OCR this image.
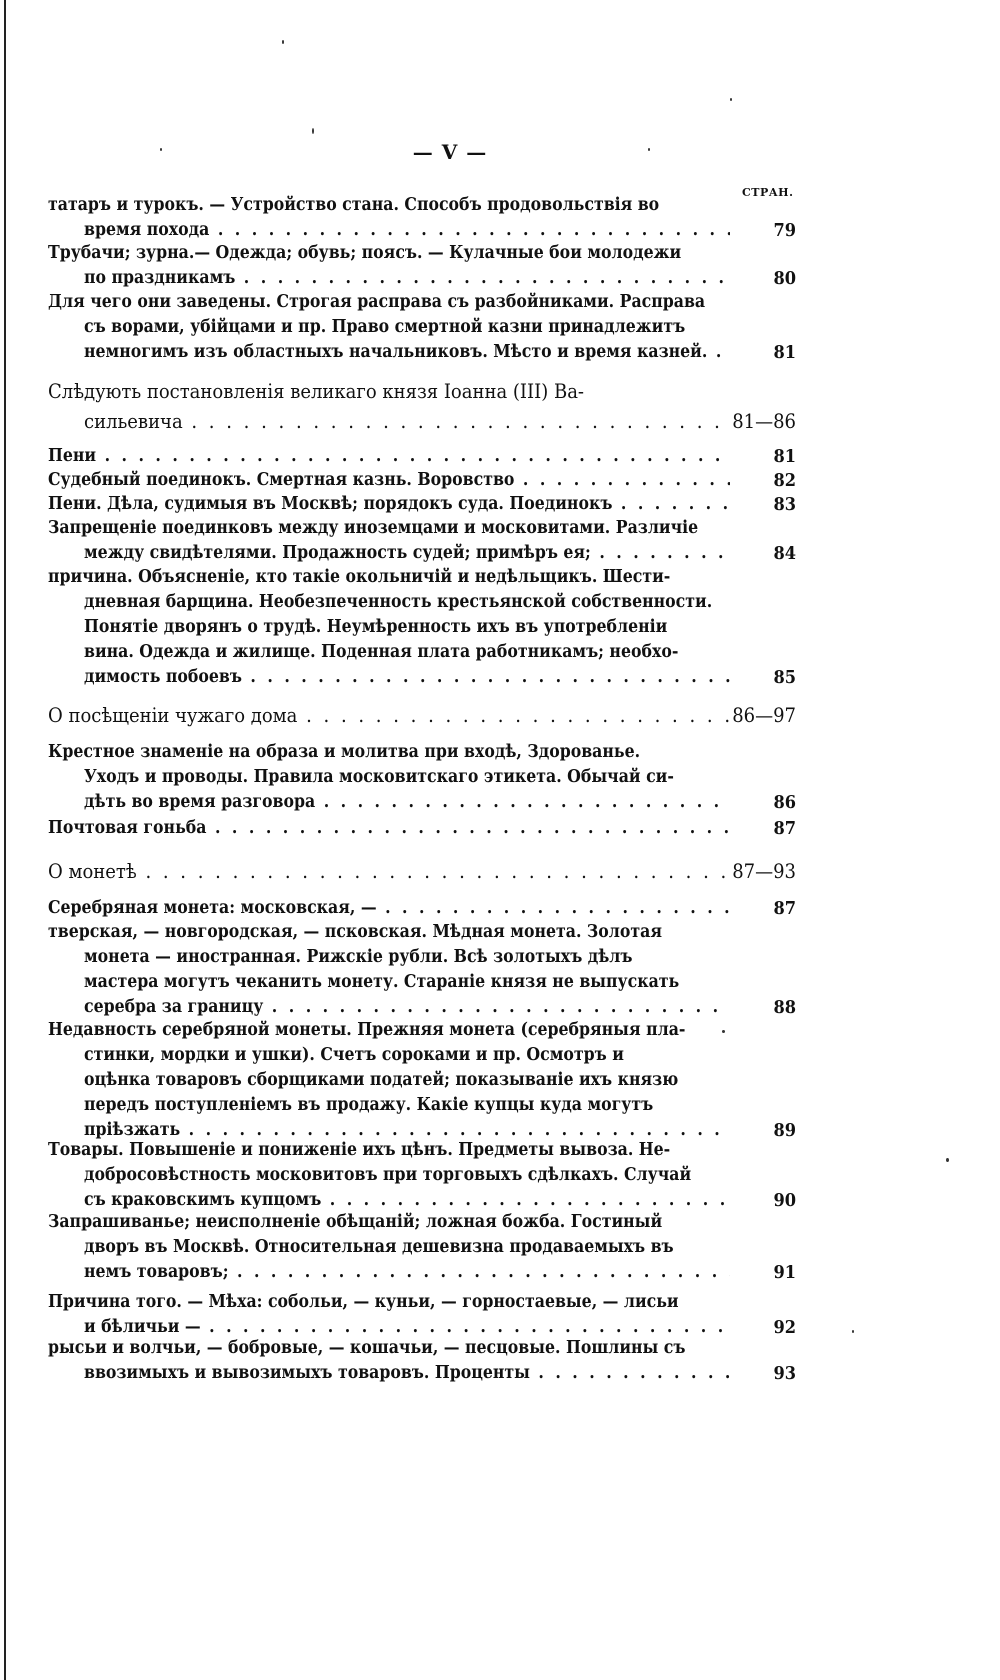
— V —
СТРАН.
татаръ и турокъ. — Устройство стана. Способъ продовольствія во
время похода . .	79
Трубачи; зурна.— Одежда; обувь; поясъ. — Кулачные бои молодежи
по праздникамъ . .	80
Для чего они заведены. Строгая расправа съ разбойниками. Расправа
съ ворами, убійцами и пр. Право смертной казни принадлежитъ
немногимъ изъ областныхъ начальниковъ. Мѣсто и время казней. . .	81
Слѣдують постановленія великаго князя Іоанна (III) Ва-
сильевича . .	81—86
Пени . .	81
Судебный поединокъ. Смертная казнь. Воровство . .	82
Пени. Дѣла, судимыя въ Москвѣ; порядокъ суда. Поединокъ . .	83
Запрещеніе поединковъ между иноземцами и московитами. Различіе
между свидѣтелями. Продажность судей; примѣръ ея; . .	84
причина. Объясненіе, кто такіе окольничій и недѣльщикъ. Шести-
дневная барщина. Необезпеченность крестьянской собственности.
Понятіе дворянъ о трудѣ. Неумѣренность ихъ въ употребленіи
вина. Одежда и жилище. Поденная плата работникамъ; необхо-
димость побоевъ . .	85
О посѣщеніи чужаго дома . .	86—97
Крестное знаменіе на образа и молитва при входѣ, Здорованье.
Уходъ и проводы. Правила московитскаго этикета. Обычай си-
дѣть во время разговора . .	86
Почтовая гоньба . .	87
О монетѣ . .	87—93
Серебряная монета: московская, — . .	87
тверская, — новгородская, — псковская. Мѣдная монета. Золотая
монета — иностранная. Рижскіе рубли. Всѣ золотыхъ дѣлъ
мастера могутъ чеканить монету. Стараніе князя не выпускать
серебра за границу . .	88
Недавность серебряной монеты. Прежняя монета (серебряныя пла-
стинки, мордки и ушки). Счетъ сороками и пр. Осмотръ и
оцѣнка товаровъ сборщиками податей; показываніе ихъ князю
передъ поступленіемъ въ продажу. Какіе купцы куда могутъ
пріѣзжать . .	89
Товары. Повышеніе и пониженіе ихъ цѣнъ. Предметы вывоза. Не-
добросовѣстность московитовъ при торговыхъ сдѣлкахъ. Случай
съ краковскимъ купцомъ . .	90
Запрашиванье; неисполненіе обѣщаній; ложная божба. Гостиный
дворъ въ Москвѣ. Относительная дешевизна продаваемыхъ въ
немъ товаровъ; . .	91
Причина того. — Мѣха: собольи, — куньи, — горностаевые, — лисьи
и бѣличьи — . .	92
рысьи и волчьи, — бобровые, — кошачьи, — песцовые. Пошлины съ
ввозимыхъ и вывозимыхъ товаровъ. Проценты . .	93
